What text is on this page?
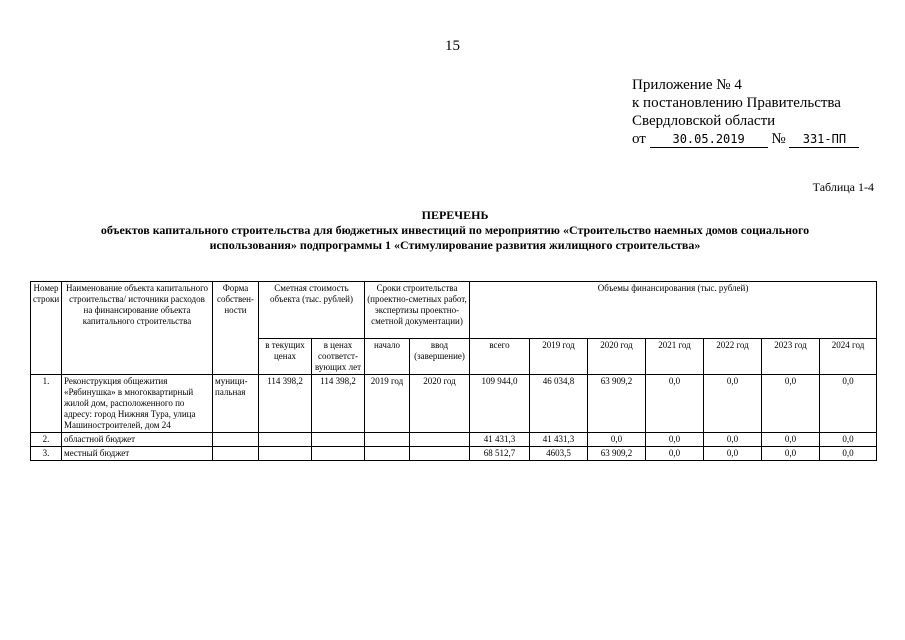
15
Приложение № 4
к постановлению Правительства
Свердловской области
от 30.05.2019 № 331-ПП
Таблица 1-4
ПЕРЕЧЕНЬ
объектов капитального строительства для бюджетных инвестиций по мероприятию «Строительство наемных домов социального
использования» подпрограммы 1 «Стимулирование развития жилищного строительства»
Номер строки	Наименование объекта капитального строительства/ источники расходов на финансирование объекта капитального строительства	Форма собствен-ности	Сметная стоимость объекта (тыс. рублей)		Сроки строительства (проектно-сметных работ, экспертизы проектно-сметной документации)		Объемы финансирования (тыс. рублей)						
			в текущих ценах	в ценах соответст-вующих лет	начало	ввод (завершение)	всего	2019 год	2020 год	2021 год	2022 год	2023 год	2024 год
1.	Реконструкция общежития «Рябинушка» в многоквартирный жилой дом, расположенного по адресу: город Нижняя Тура, улица Машиностроителей, дом 24	муници-пальная	114 398,2	114 398,2	2019 год	2020 год	109 944,0	46 034,8	63 909,2	0,0	0,0	0,0	0,0
2.	областной бюджет						41 431,3	41 431,3	0,0	0,0	0,0	0,0	0,0
3.	местный бюджет						68 512,7	4603,5	63 909,2	0,0	0,0	0,0	0,0
